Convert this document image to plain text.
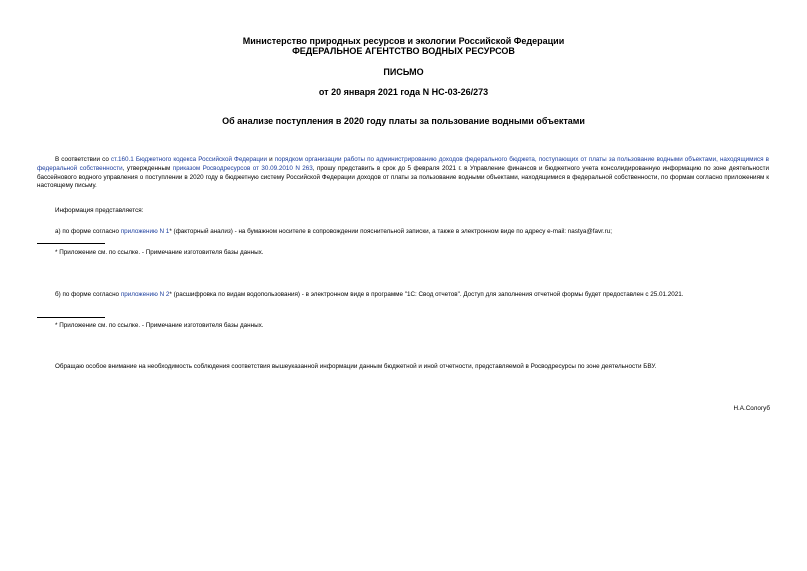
Министерство природных ресурсов и экологии Российской Федерации
ФЕДЕРАЛЬНОЕ АГЕНТСТВО ВОДНЫХ РЕСУРСОВ
ПИСЬМО
от 20 января 2021 года N НС-03-26/273
Об анализе поступления в 2020 году платы за пользование водными объектами
В соответствии со ст.160.1 Бюджетного кодекса Российской Федерации и порядком организации работы по администрированию доходов федерального бюджета, поступающих от платы за пользование водными объектами, находящимися в федеральной собственности, утвержденным приказом Росводресурсов от 30.09.2010 N 263, прошу представить в срок до 5 февраля 2021 г. в Управление финансов и бюджетного учета консолидированную информацию по зоне деятельности бассейнового водного управления о поступлении в 2020 году в бюджетную систему Российской Федерации доходов от платы за пользование водными объектами, находящимися в федеральной собственности, по формам согласно приложениям к настоящему письму.
Информация представляется:
а) по форме согласно приложению N 1* (факторный анализ) - на бумажном носителе в сопровождении пояснительной записки, а также в электронном виде по адресу e-mail: nastya@favr.ru;
* Приложение см. по ссылке. - Примечание изготовителя базы данных.
б) по форме согласно приложению N 2* (расшифровка по видам водопользования) - в электронном виде в программе "1С: Свод отчетов". Доступ для заполнения отчетной формы будет предоставлен с 25.01.2021.
* Приложение см. по ссылке. - Примечание изготовителя базы данных.
Обращаю особое внимание на необходимость соблюдения соответствия вышеуказанной информации данным бюджетной и иной отчетности, представляемой в Росводресурсы по зоне деятельности БВУ.
Н.А.Сологуб
